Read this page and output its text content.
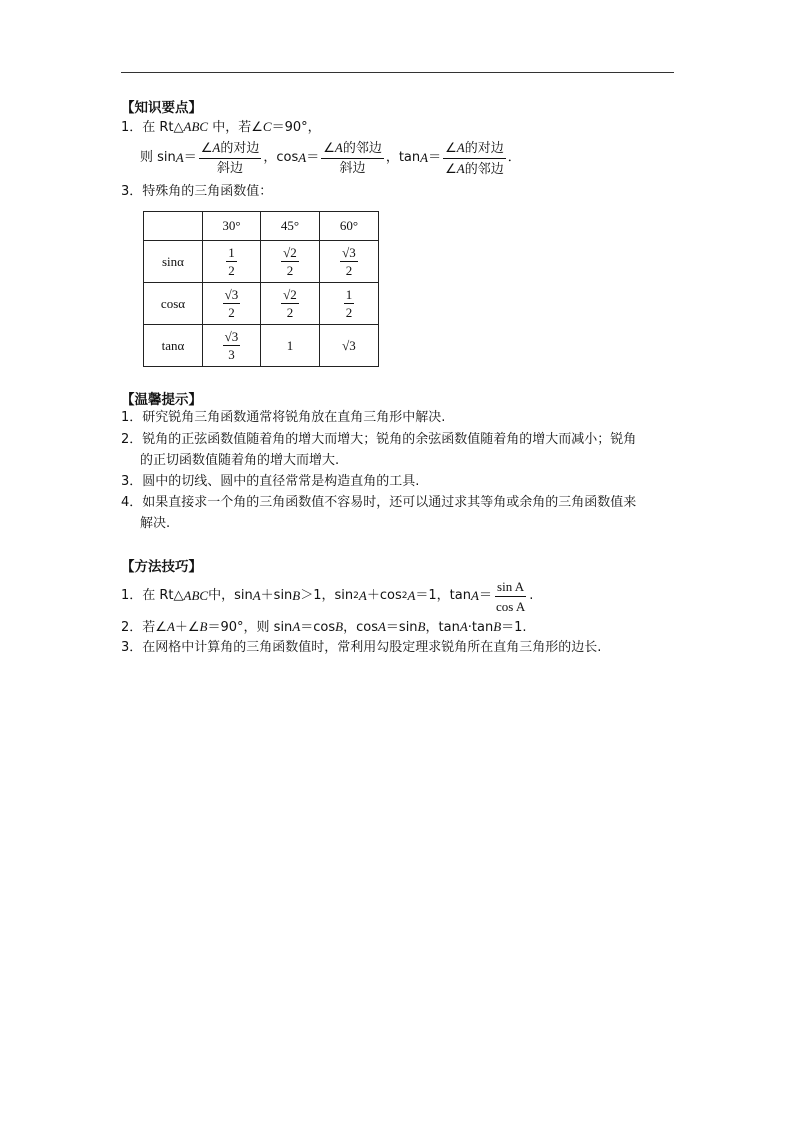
【知识要点】
1．在 Rt△ABC 中，若∠C＝90°，
则 $\sin A = \frac{\text{∠A的对边}}{\text{斜边}}$ ，$\cos A = \frac{\text{∠A的邻边}}{\text{斜边}}$ ，$\tan A = \frac{\text{∠A的对边}}{\text{∠A的邻边}}$ ．
3．特殊角的三角函数值：
	30°	45°	60°
sinα	$\frac{1}{2}$	$\frac{√2}{2}$	$\frac{√3}{2}$

cosα	$\frac{√3}{2}$	$\frac{√2}{2}$	$\frac{1}{2}$

tanα	$\frac{√3}{3}$	1	√3
【温馨提示】
1．研究锐角三角函数通常将锐角放在直角三角形中解决.
2．锐角的正弦函数值随着角的增大而增大；锐角的余弦函数值随着角的增大而减小；锐角
的正切函数值随着角的增大而增大.
3．圆中的切线、圆中的直径常常是构造直角的工具.
4．如果直接求一个角的三角函数值不容易时，还可以通过求其等角或余角的三角函数值来
解决.
【方法技巧】
1．在 Rt△ ABC 中，sin A ＋sin B ＞1，sin 2 A ＋cos 2 A ＝1，$\tan A = \frac{\text{sin A}}{\text{cos A}}$ .
2．若∠A＋∠B＝90°，则 sinA＝cosB，cosA＝sinB，tanA·tanB＝1.
3．在网格中计算角的三角函数值时，常利用勾股定理求锐角所在直角三角形的边长.
